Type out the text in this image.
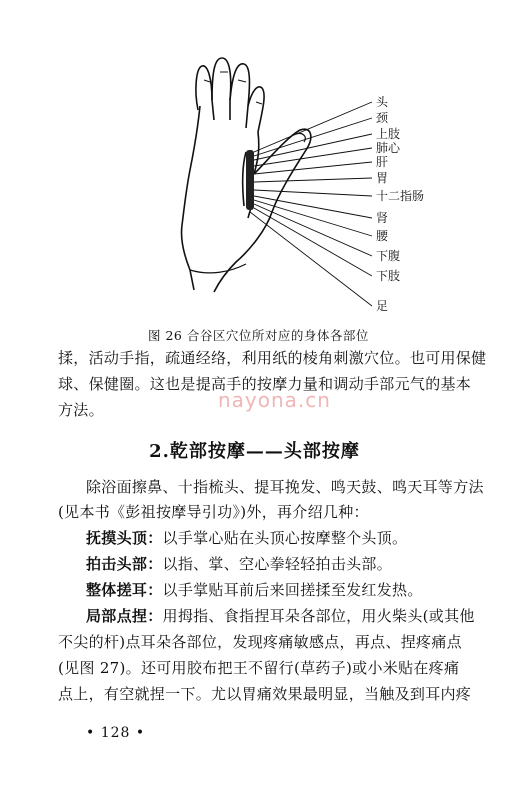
头
颈
上肢
肺心
肝
胃
十二指肠
肾
腰
下腹
下肢
足
图 26 合谷区穴位所对应的身体各部位
揉，活动手指，疏通经络，利用纸的棱角刺激穴位。也可用保健
球、保健圈。这也是提高手的按摩力量和调动手部元气的基本
方法。	nayona.cn
2.乾部按摩——头部按摩
除浴面擦鼻、十指梳头、提耳挽发、鸣天鼓、鸣天耳等方法
(见本书《彭祖按摩导引功》)外，再介绍几种：
抚摸头顶：以手掌心贴在头顶心按摩整个头顶。
拍击头部：以指、掌、空心拳轻轻拍击头部。
整体搓耳：以手掌贴耳前后来回搓揉至发红发热。
局部点捏：用拇指、食指捏耳朵各部位，用火柴头(或其他
不尖的杆)点耳朵各部位，发现疼痛敏感点，再点、捏疼痛点
(见图 27)。还可用胶布把王不留行(草药子)或小米贴在疼痛
点上，有空就捏一下。尤以胃痛效果最明显，当触及到耳内疼
• 128 •
